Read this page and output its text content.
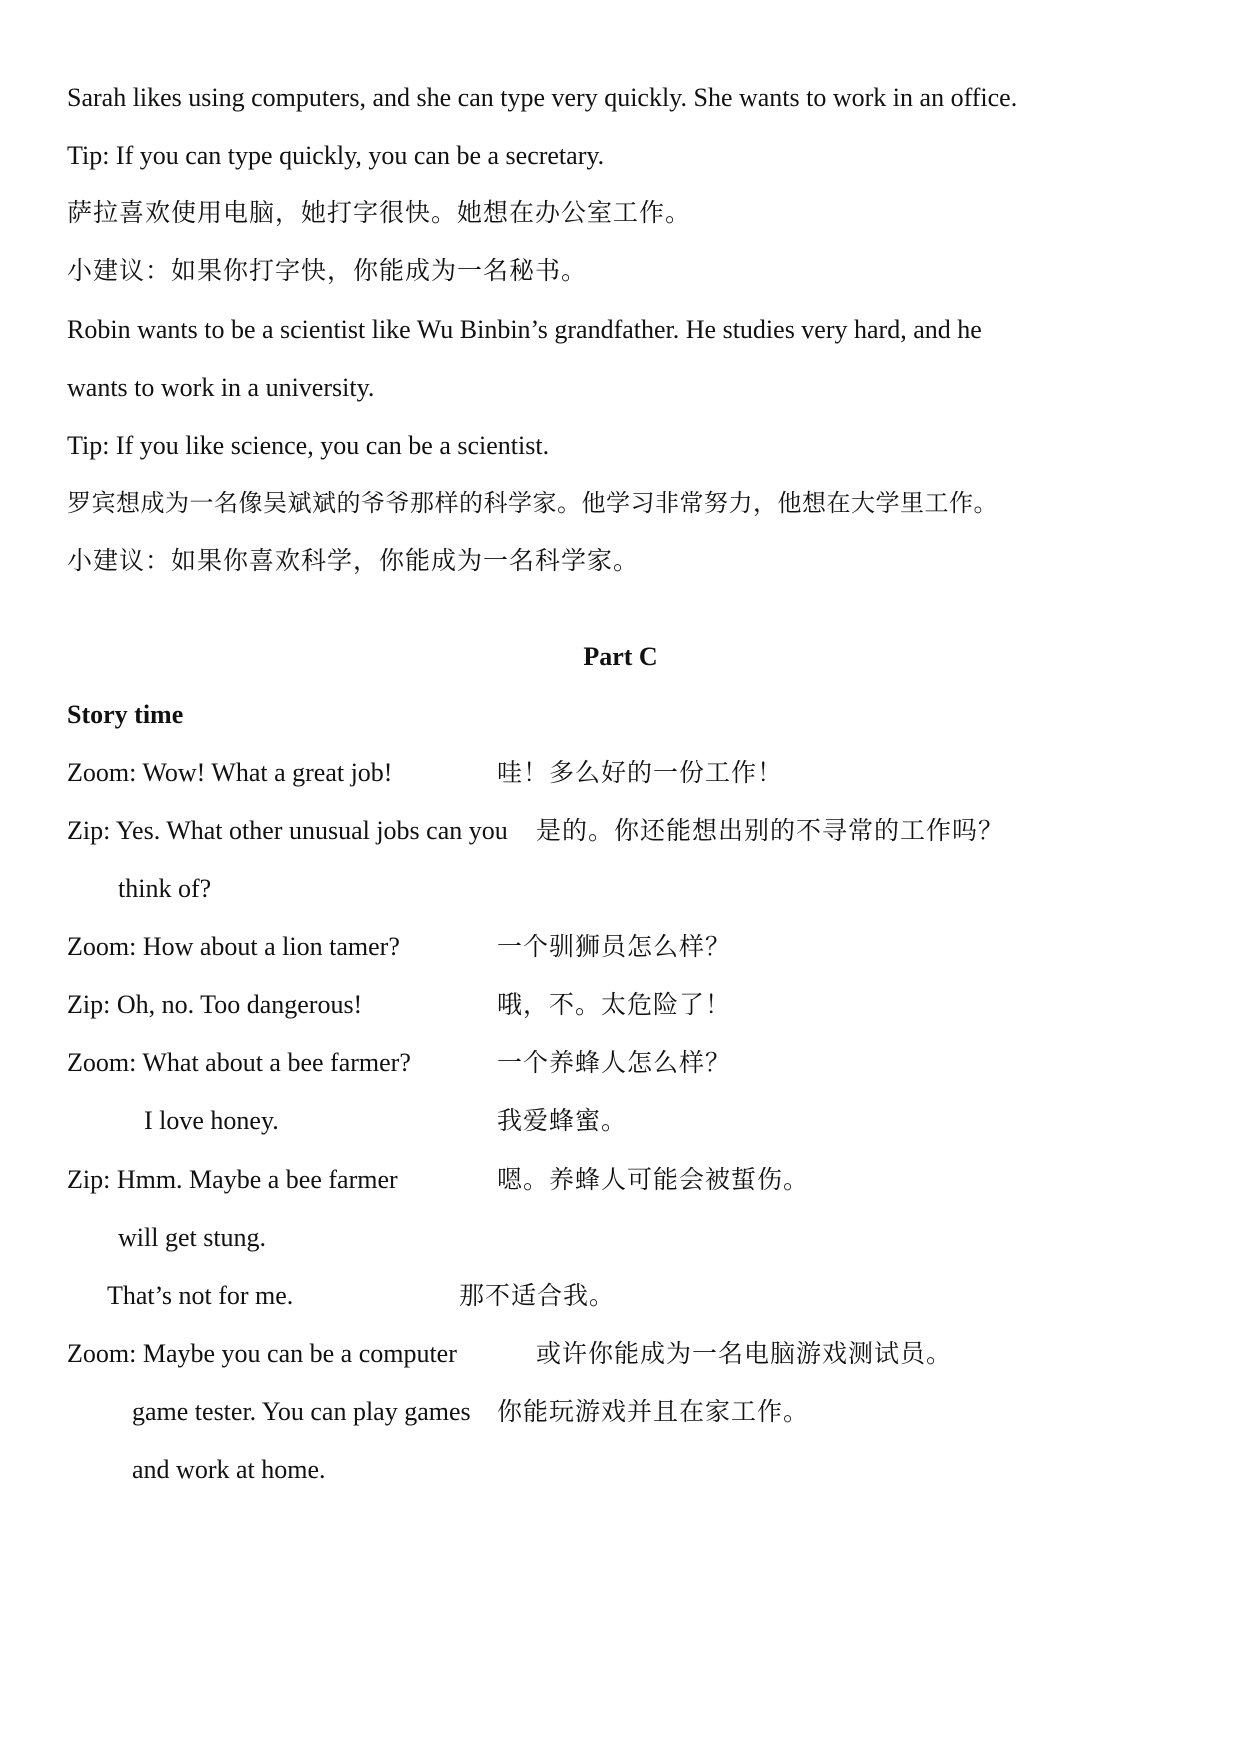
Sarah likes using computers, and she can type very quickly. She wants to work in an office.
Tip: If you can type quickly, you can be a secretary.
萨拉喜欢使用电脑，她打字很快。她想在办公室工作。
小建议：如果你打字快，你能成为一名秘书。
Robin wants to be a scientist like Wu Binbin’s grandfather. He studies very hard, and he
wants to work in a university.
Tip: If you like science, you can be a scientist.
罗宾想成为一名像吴斌斌的爷爷那样的科学家。他学习非常努力，他想在大学里工作。
小建议：如果你喜欢科学，你能成为一名科学家。
Part C
Story time
Zoom: Wow! What a great job!	哇！多么好的一份工作！
Zip: Yes. What other unusual jobs can you 是的。你还能想出别的不寻常的工作吗？
think of?
Zoom: How about a lion tamer?	一个驯狮员怎么样？
Zip: Oh, no. Too dangerous!	哦，不。太危险了！
Zoom: What about a bee farmer?	一个养蜂人怎么样？
I love honey.	我爱蜂蜜。
Zip: Hmm. Maybe a bee farmer	嗯。养蜂人可能会被蜇伤。
will get stung.
That’s not for me.	那不适合我。
Zoom: Maybe you can be a computer	或许你能成为一名电脑游戏测试员。
game tester. You can play games 你能玩游戏并且在家工作。
and work at home.
